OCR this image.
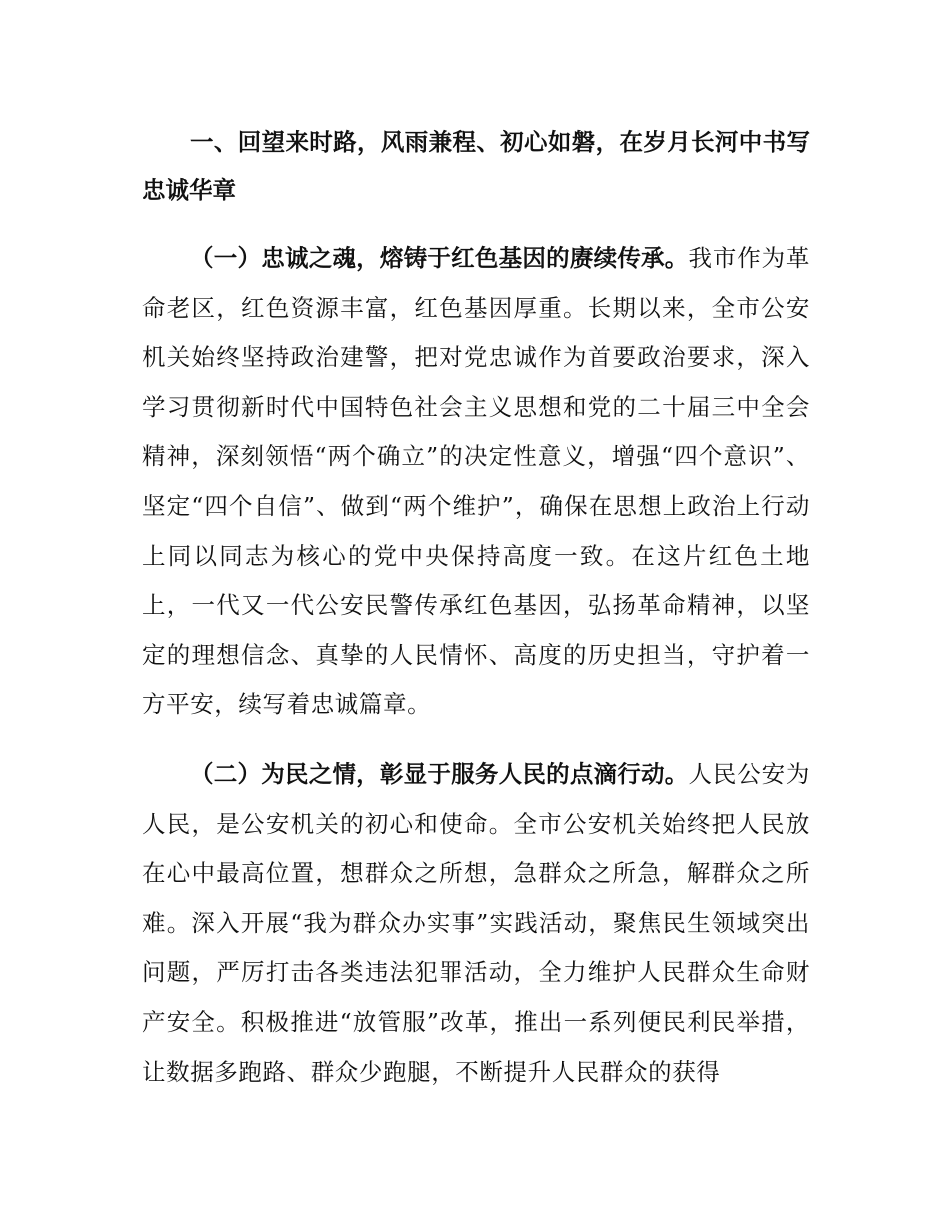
一、回望来时路，风雨兼程、初心如磐，在岁月长河中书写忠诚华章

（一）忠诚之魂，熔铸于红色基因的赓续传承。我市作为革命老区，红色资源丰富，红色基因厚重。长期以来，全市公安机关始终坚持政治建警，把对党忠诚作为首要政治要求，深入学习贯彻新时代中国特色社会主义思想和党的二十届三中全会精神，深刻领悟“两个确立”的决定性意义，增强“四个意识”、坚定“四个自信”、做到“两个维护”，确保在思想上政治上行动上同以同志为核心的党中央保持高度一致。在这片红色土地上，一代又一代公安民警传承红色基因，弘扬革命精神，以坚定的理想信念、真挚的人民情怀、高度的历史担当，守护着一方平安，续写着忠诚篇章。

（二）为民之情，彰显于服务人民的点滴行动。人民公安为人民，是公安机关的初心和使命。全市公安机关始终把人民放在心中最高位置，想群众之所想，急群众之所急，解群众之所难。深入开展“我为群众办实事”实践活动，聚焦民生领域突出问题，严厉打击各类违法犯罪活动，全力维护人民群众生命财产安全。积极推进“放管服”改革，推出一系列便民利民举措，让数据多跑路、群众少跑腿，不断提升人民群众的获得
